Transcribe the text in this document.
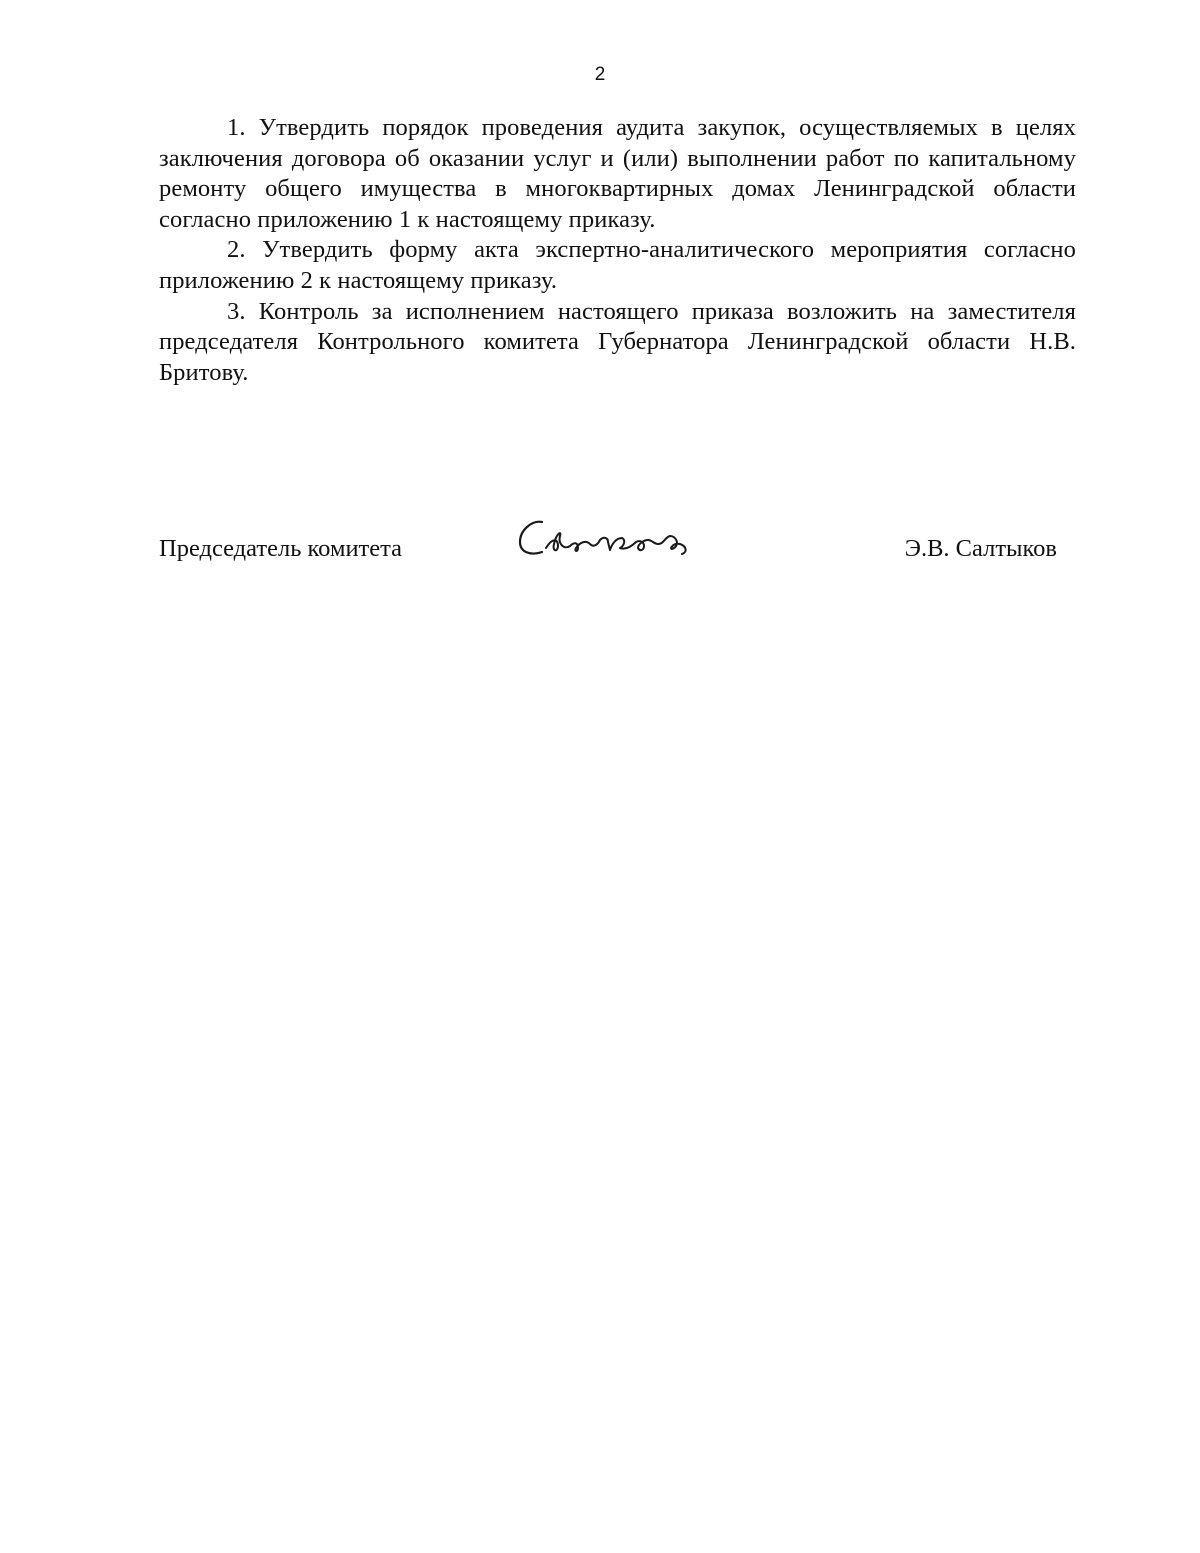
2

1. Утвердить порядок проведения аудита закупок, осуществляемых в целях заключения договора об оказании услуг и (или) выполнении работ по капитальному ремонту общего имущества в многоквартирных домах Ленинградской области согласно приложению 1 к настоящему приказу.

2. Утвердить форму акта экспертно-аналитического мероприятия согласно приложению 2 к настоящему приказу.

3. Контроль за исполнением настоящего приказа возложить на заместителя председателя Контрольного комитета Губернатора Ленинградской области Н.В. Бритову.

Председатель комитета	Э.В. Салтыков
